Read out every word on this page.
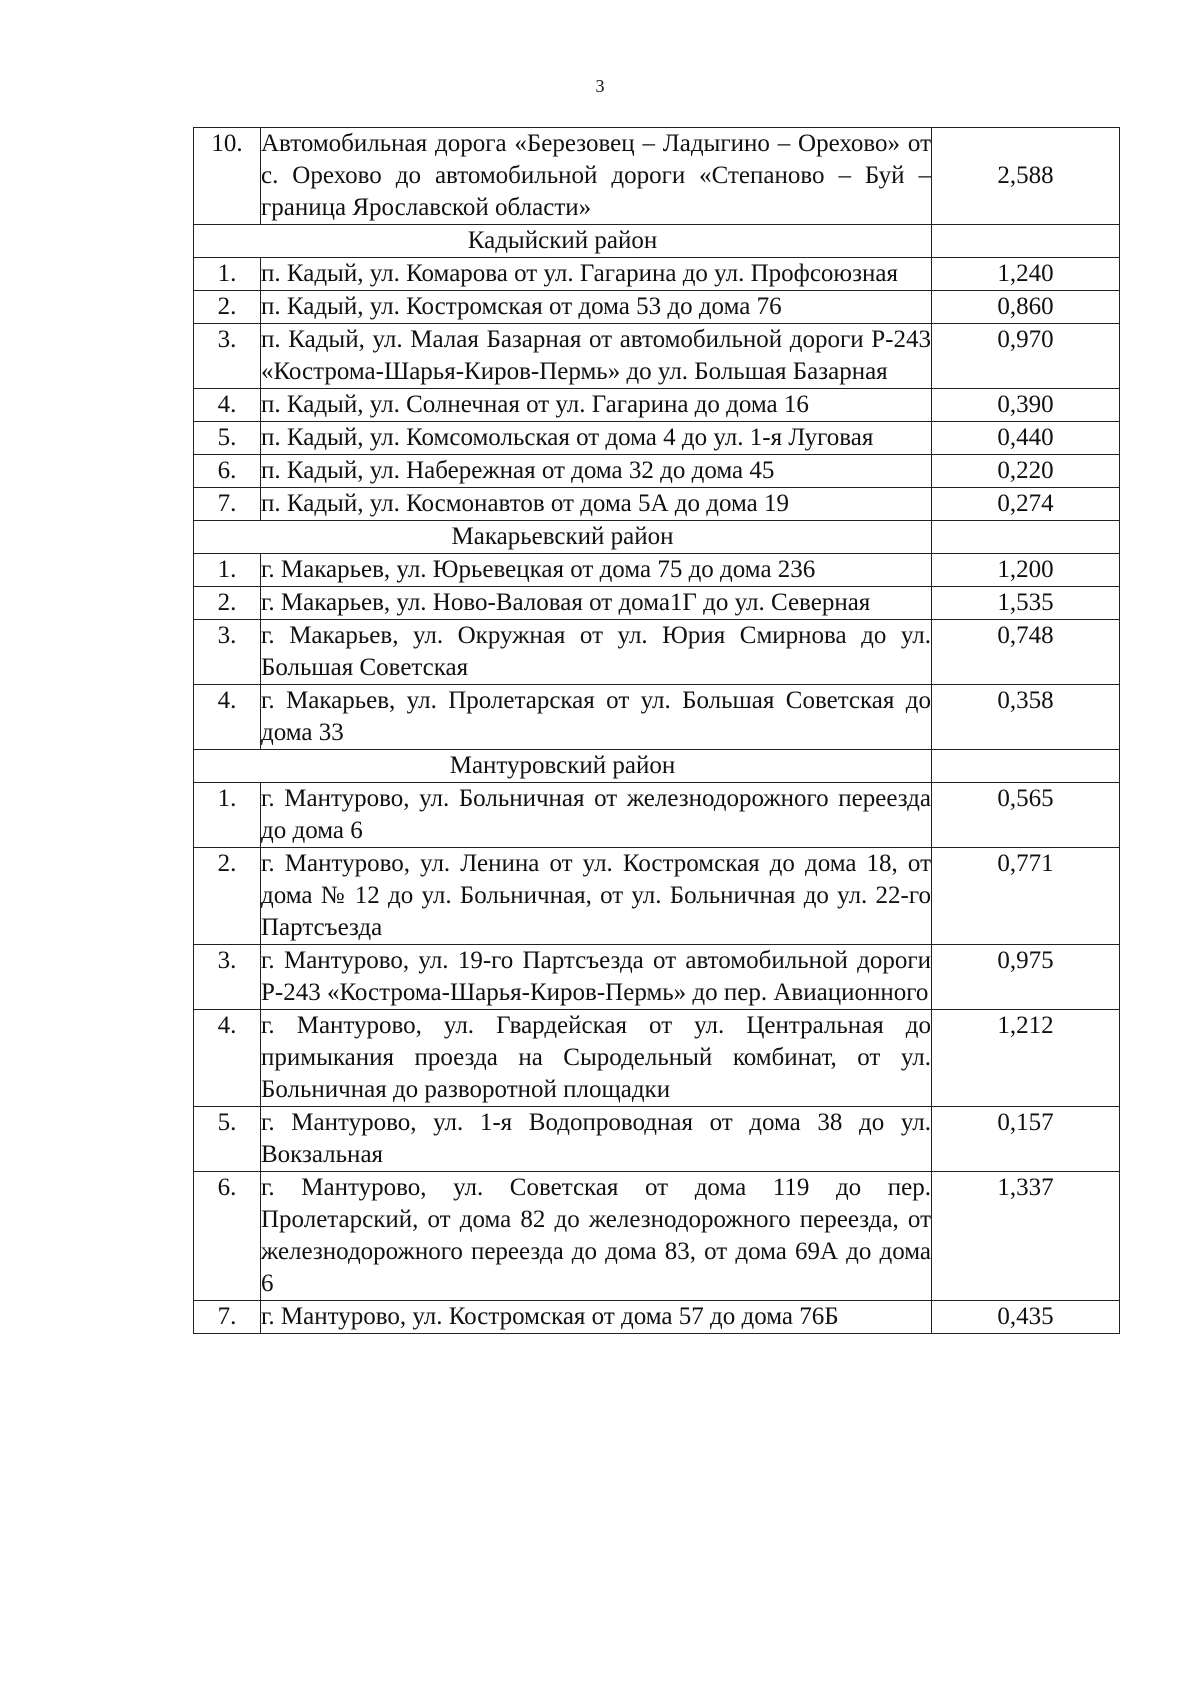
3
10.	Автомобильная дорога «Березовец – Ладыгино – Орехово» от с. Орехово до автомобильной дороги «Степаново – Буй – граница Ярославской области»	2,588
Кадыйский район		
1.	п. Кадый, ул. Комарова от ул. Гагарина до ул. Профсоюзная	1,240
2.	п. Кадый, ул. Костромская от дома 53 до дома 76	0,860
3.	п. Кадый, ул. Малая Базарная от автомобильной дороги Р-243 «Кострома-Шарья-Киров-Пермь» до ул. Большая Базарная	0,970
4.	п. Кадый, ул. Солнечная от ул. Гагарина до дома 16	0,390
5.	п. Кадый, ул. Комсомольская от дома 4 до ул. 1-я Луговая	0,440
6.	п. Кадый, ул. Набережная от дома 32 до дома 45	0,220
7.	п. Кадый, ул. Космонавтов от дома 5А до дома 19	0,274
Макарьевский район		
1.	г. Макарьев, ул. Юрьевецкая от дома 75 до дома 236	1,200
2.	г. Макарьев, ул. Ново-Валовая от дома1Г до ул. Северная	1,535
3.	г. Макарьев, ул. Окружная от ул. Юрия Смирнова до ул. Большая Советская	0,748
4.	г. Макарьев, ул. Пролетарская от ул. Большая Советская до дома 33	0,358
Мантуровский район		
1.	г. Мантурово, ул. Больничная от железнодорожного переезда до дома 6	0,565
2.	г. Мантурово, ул. Ленина от ул. Костромская до дома 18, от дома № 12 до ул. Больничная, от ул. Больничная до ул. 22-го Партсъезда	0,771
3.	г. Мантурово, ул. 19-го Партсъезда от автомобильной дороги Р-243 «Кострома-Шарья-Киров-Пермь» до пер. Авиационного	0,975
4.	г. Мантурово, ул. Гвардейская от ул. Центральная до примыкания проезда на Сыродельный комбинат, от ул. Больничная до разворотной площадки	1,212
5.	г. Мантурово, ул. 1-я Водопроводная от дома 38 до ул. Вокзальная	0,157
6.	г. Мантурово, ул. Советская от дома 119 до пер. Пролетарский, от дома 82 до железнодорожного переезда, от железнодорожного переезда до дома 83, от дома 69А до дома 6	1,337
7.	г. Мантурово, ул. Костромская от дома 57 до дома 76Б	0,435
